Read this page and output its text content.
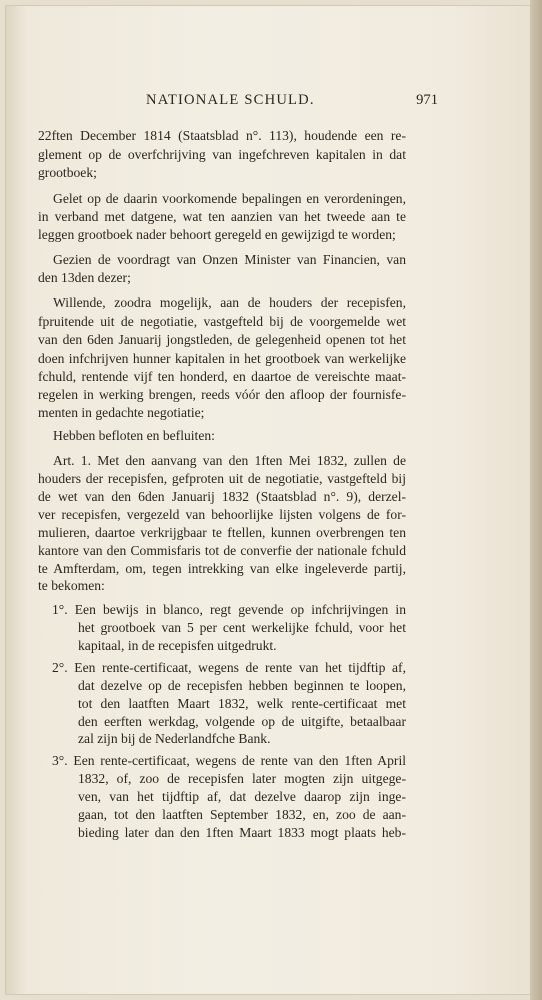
NATIONALE SCHULD.	971
22ften December 1814 (Staatsblad n°. 113), houdende een re-
glement op de overfchrijving van ingefchreven kapitalen in dat
grootboek;
Gelet op de daarin voorkomende bepalingen en verordeningen,
in verband met datgene, wat ten aanzien van het tweede aan te
leggen grootboek nader behoort geregeld en gewijzigd te worden;
Gezien de voordragt van Onzen Minister van Financien, van
den 13den dezer;
Willende, zoodra mogelijk, aan de houders der recepisfen,
fpruitende uit de negotiatie, vastgefteld bij de voorgemelde wet
van den 6den Januarij jongstleden, de gelegenheid openen tot het
doen infchrijven hunner kapitalen in het grootboek van werkelijke
fchuld, rentende vijf ten honderd, en daartoe de vereischte maat-
regelen in werking brengen, reeds vóór den afloop der fournisfe-
menten in gedachte negotiatie;
Hebben befloten en befluiten:
Art. 1. Met den aanvang van den 1ften Mei 1832, zullen de
houders der recepisfen, gefproten uit de negotiatie, vastgefteld bij
de wet van den 6den Januarij 1832 (Staatsblad n°. 9), derzel-
ver recepisfen, vergezeld van behoorlijke lijsten volgens de for-
mulieren, daartoe verkrijgbaar te ftellen, kunnen overbrengen ten
kantore van den Commisfaris tot de converfie der nationale fchuld
te Amfterdam, om, tegen intrekking van elke ingeleverde partij,
te bekomen:
1°. Een bewijs in blanco, regt gevende op infchrijvingen in
het grootboek van 5 per cent werkelijke fchuld, voor het
kapitaal, in de recepisfen uitgedrukt.
2°. Een rente-certificaat, wegens de rente van het tijdftip af,
dat dezelve op de recepisfen hebben beginnen te loopen,
tot den laatften Maart 1832, welk rente-certificaat met
den eerften werkdag, volgende op de uitgifte, betaalbaar
zal zijn bij de Nederlandfche Bank.
3°. Een rente-certificaat, wegens de rente van den 1ften April
1832, of, zoo de recepisfen later mogten zijn uitgege-
ven, van het tijdftip af, dat dezelve daarop zijn inge-
gaan, tot den laatften September 1832, en, zoo de aan-
bieding later dan den 1ften Maart 1833 mogt plaats heb-
